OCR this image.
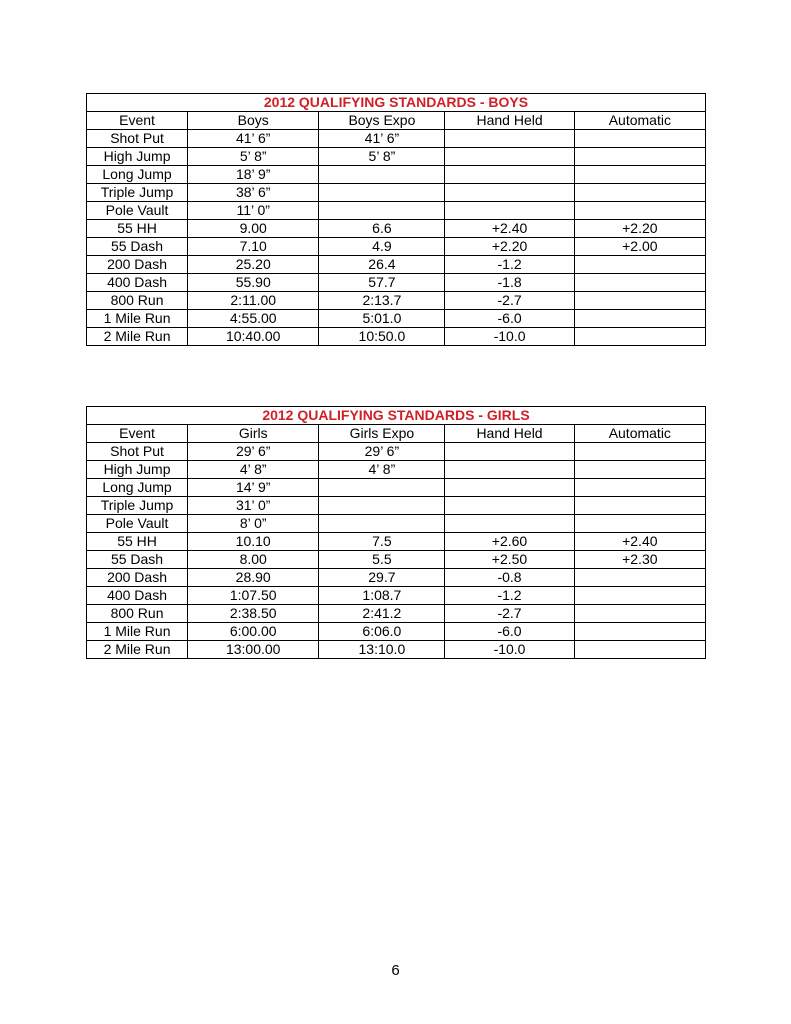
2012 QUALIFYING STANDARDS - BOYS				
Event	Boys	Boys Expo	Hand Held	Automatic
Shot Put	41’ 6”	41’ 6”		
High Jump	5’ 8”	5’ 8”		
Long Jump	18’ 9”			
Triple Jump	38’ 6”			
Pole Vault	11’ 0”			
55 HH	9.00	6.6	+2.40	+2.20
55 Dash	7.10	4.9	+2.20	+2.00
200 Dash	25.20	26.4	-1.2	
400 Dash	55.90	57.7	-1.8	
800 Run	2:11.00	2:13.7	-2.7	
1 Mile Run	4:55.00	5:01.0	-6.0	
2 Mile Run	10:40.00	10:50.0	-10.0	
2012 QUALIFYING STANDARDS - GIRLS				
Event	Girls	Girls Expo	Hand Held	Automatic
Shot Put	29’ 6”	29’ 6”		
High Jump	4’ 8”	4’ 8”		
Long Jump	14’ 9”			
Triple Jump	31’ 0”			
Pole Vault	8’ 0”			
55 HH	10.10	7.5	+2.60	+2.40
55 Dash	8.00	5.5	+2.50	+2.30
200 Dash	28.90	29.7	-0.8	
400 Dash	1:07.50	1:08.7	-1.2	
800 Run	2:38.50	2:41.2	-2.7	
1 Mile Run	6:00.00	6:06.0	-6.0	
2 Mile Run	13:00.00	13:10.0	-10.0	
6
